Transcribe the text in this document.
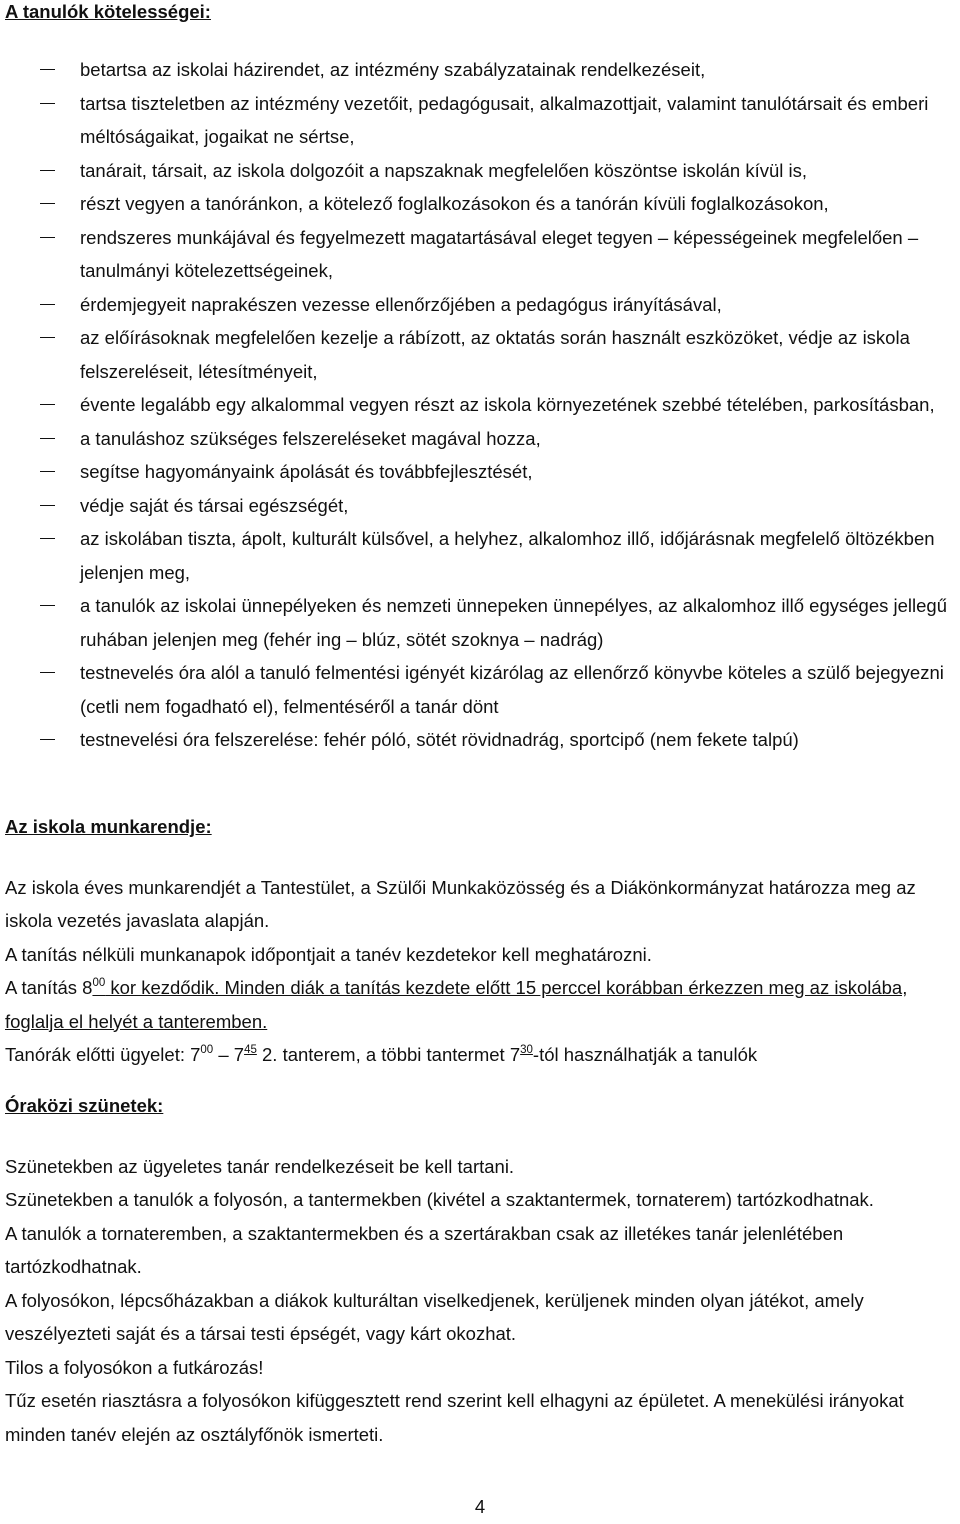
A tanulók kötelességei:
betartsa az iskolai házirendet, az intézmény szabályzatainak rendelkezéseit,
tartsa tiszteletben az intézmény vezetőit, pedagógusait, alkalmazottjait, valamint tanulótársait és emberi méltóságaikat, jogaikat ne sértse,
tanárait, társait, az iskola dolgozóit a napszaknak megfelelően köszöntse iskolán kívül is,
részt vegyen a tanóránkon, a kötelező foglalkozásokon és a tanórán kívüli foglalkozásokon,
rendszeres munkájával és fegyelmezett magatartásával eleget tegyen – képességeinek megfelelően – tanulmányi kötelezettségeinek,
érdemjegyeit naprakészen vezesse ellenőrzőjében a pedagógus irányításával,
az előírásoknak megfelelően kezelje a rábízott, az oktatás során használt eszközöket, védje az iskola felszereléseit, létesítményeit,
évente legalább egy alkalommal vegyen részt az iskola környezetének szebbé tételében, parkosításban,
a tanuláshoz szükséges felszereléseket magával hozza,
segítse hagyományaink ápolását és továbbfejlesztését,
védje saját és társai egészségét,
az iskolában tiszta, ápolt, kulturált külsővel, a helyhez, alkalomhoz illő, időjárásnak megfelelő öltözékben jelenjen meg,
a tanulók az iskolai ünnepélyeken és nemzeti ünnepeken ünnepélyes, az alkalomhoz illő egységes jellegű ruhában jelenjen meg (fehér ing – blúz, sötét szoknya – nadrág)
testnevelés óra alól a tanuló felmentési igényét kizárólag az ellenőrző könyvbe köteles a szülő bejegyezni (cetli nem fogadható el), felmentéséről a tanár dönt
testnevelési óra felszerelése: fehér póló, sötét rövidnadrág, sportcipő (nem fekete talpú)
Az iskola munkarendje:

Az iskola éves munkarendjét a Tantestület, a Szülői Munkaközösség és a Diákönkormányzat határozza meg az iskola vezetés javaslata alapján.

A tanítás nélküli munkanapok időpontjait a tanév kezdetekor kell meghatározni.

A tanítás $8^{00}$ kor kezdődik. Minden diák a tanítás kezdete előtt 15 perccel korábban érkezzen meg az iskolába, foglalja el helyét a tanteremben.

Tanórák előtti ügyelet: $7^{00} - 7^{45}$ 2. tanterem, a többi tantermet $7^{30}$-tól használhatják a tanulók

Óraközi szünetek:

Szünetekben az ügyeletes tanár rendelkezéseit be kell tartani.

Szünetekben a tanulók a folyosón, a tantermekben (kivétel a szaktantermek, tornaterem) tartózkodhatnak.

A tanulók a tornateremben, a szaktantermekben és a szertárakban csak az illetékes tanár jelenlétében tartózkodhatnak.

A folyosókon, lépcsőházakban a diákok kulturáltan viselkedjenek, kerüljenek minden olyan játékot, amely veszélyezteti saját és a társai testi épségét, vagy kárt okozhat.

Tilos a folyosókon a futkározás!

Tűz esetén riasztásra a folyosókon kifüggesztett rend szerint kell elhagyni az épületet. A menekülési irányokat minden tanév elején az osztályfőnök ismerteti.

4
